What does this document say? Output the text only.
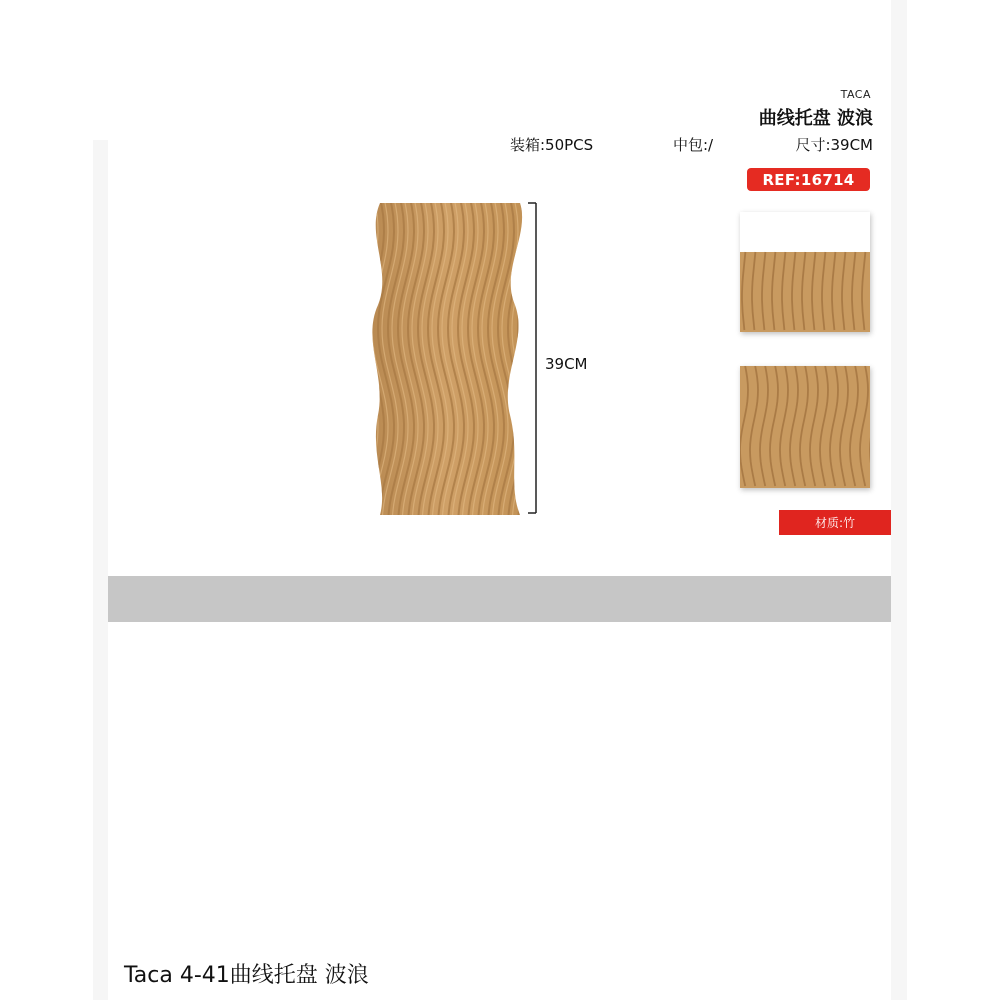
TACA
曲线托盘 波浪
装箱:50PCS	中包:/	尺寸:39CM
REF:16714
39CM
材质:竹
Taca 4-41曲线托盘 波浪
